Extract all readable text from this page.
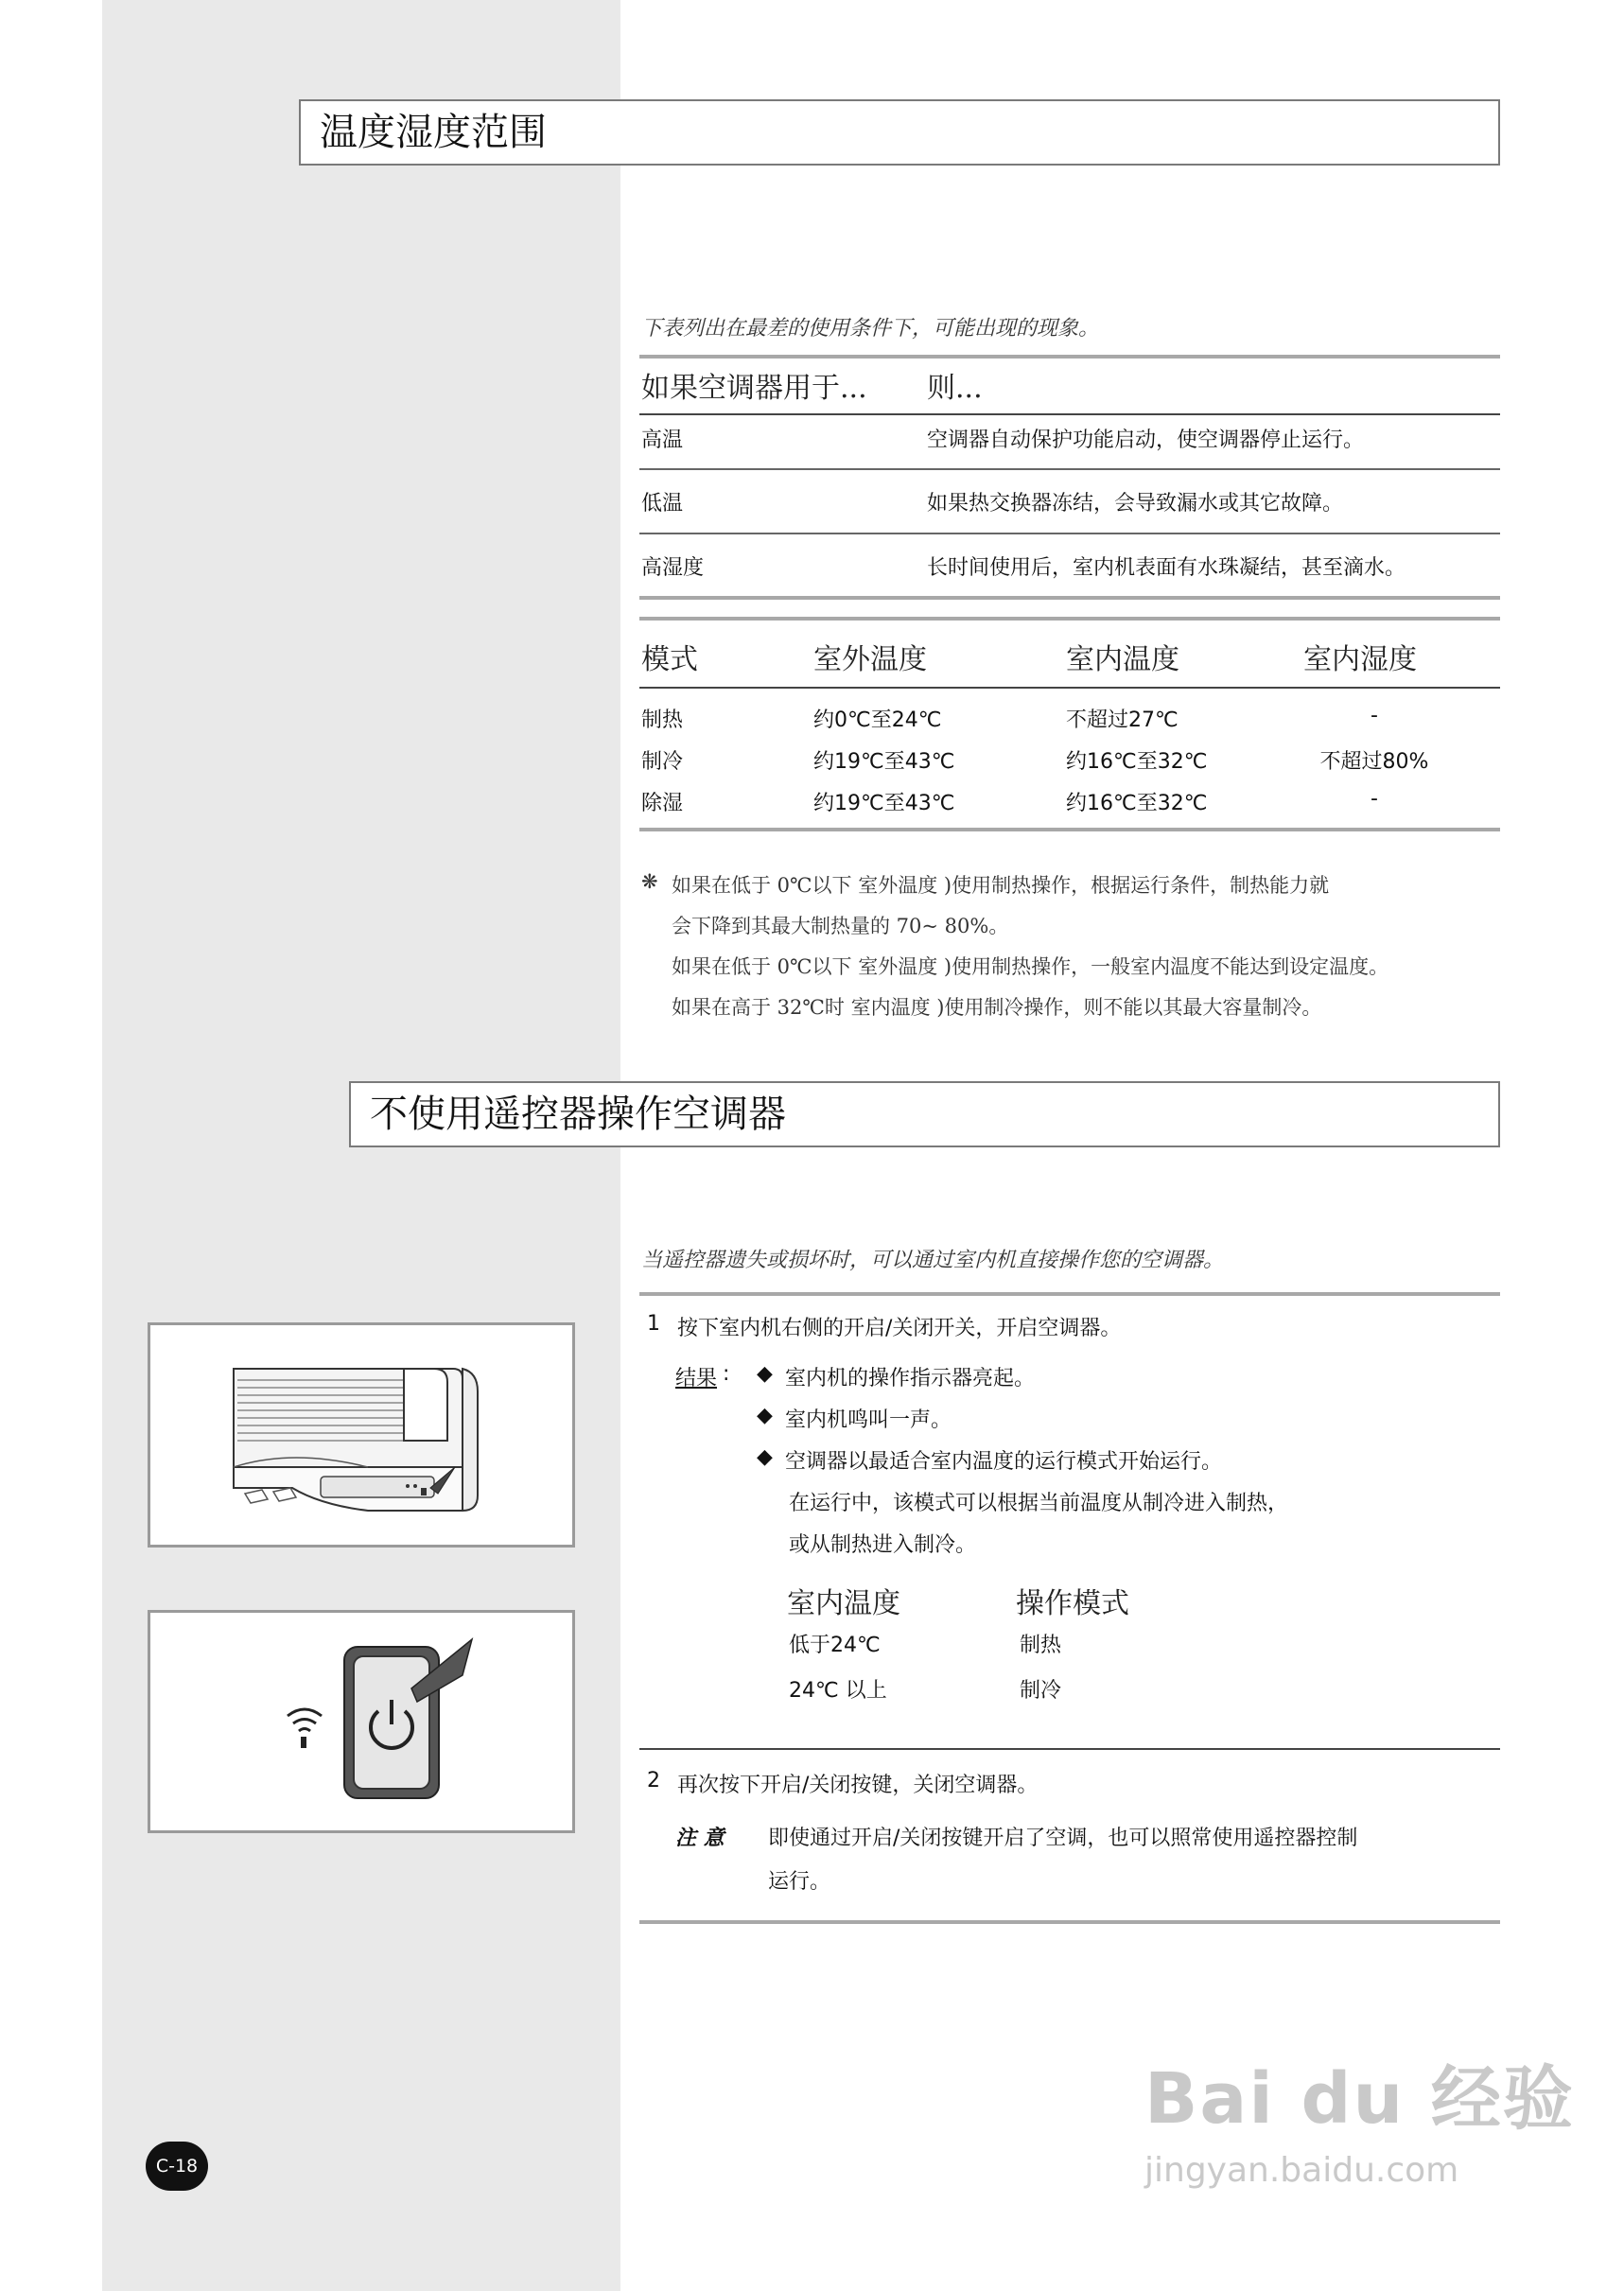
温度湿度范围
下表列出在最差的使用条件下，可能出现的现象。
如果空调器用于... 则...
高温	空调器自动保护功能启动，使空调器停止运行。
低温	如果热交换器冻结，会导致漏水或其它故障。
高湿度	长时间使用后，室内机表面有水珠凝结，甚至滴水。
模式	室外温度	室内温度	室内湿度
制热	约0℃至24℃	不超过27℃	-
制冷	约19℃至43℃	约16℃至32℃	不超过80%
除湿	约19℃至43℃	约16℃至32℃	-
❋ 如果在低于 0℃以下 室外温度 )使用制热操作，根据运行条件，制热能力就
会下降到其最大制热量的 70~ 80%。
如果在低于 0℃以下 室外温度 )使用制热操作，一般室内温度不能达到设定温度。
如果在高于 32℃时 室内温度 )使用制冷操作，则不能以其最大容量制冷。
不使用遥控器操作空调器
当遥控器遗失或损坏时，可以通过室内机直接操作您的空调器。
1 按下室内机右侧的开启/关闭开关，开启空调器。
结果 : ◆ 室内机的操作指示器亮起。
◆ 室内机鸣叫一声。
◆ 空调器以最适合室内温度的运行模式开始运行。
在运行中，该模式可以根据当前温度从制冷进入制热，
或从制热进入制冷。
室内温度	操作模式
低于24℃	制热
24℃ 以上	制冷
2 再次按下开启/关闭按键，关闭空调器。
注 意 即使通过开启/关闭按键开启了空调，也可以照常使用遥控器控制
运行。
C-18
Bai du 经验
jingyan.baidu.com
